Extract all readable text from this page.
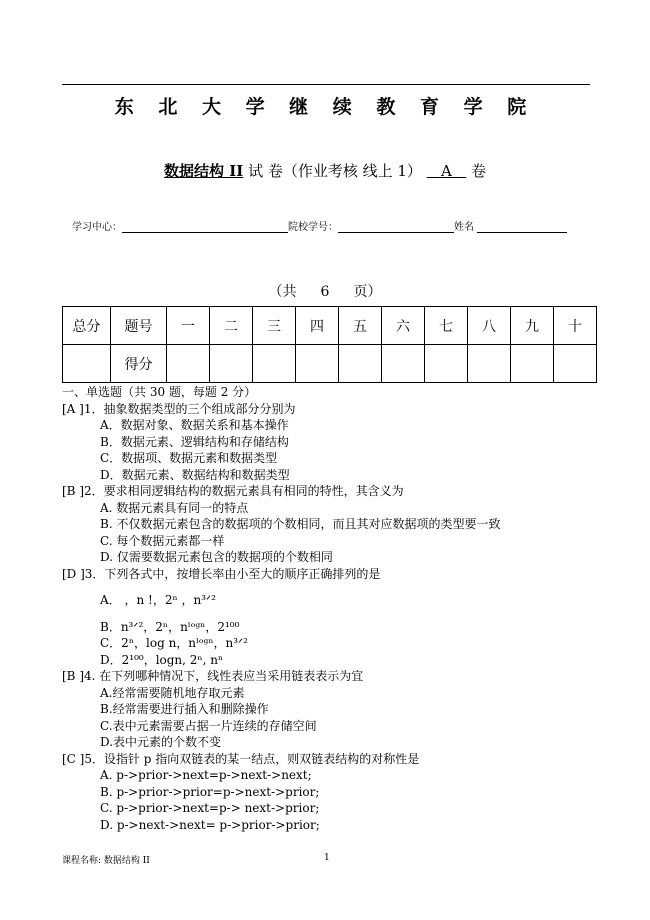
东 北 大 学 继 续 教 育 学 院
数据结构 II 试 卷（作业考核 线上 1） A 卷
学习中心：	院校学号：	姓名
（共 6 页）
总分	题号	一	二	三	四	五	六	七	八	九	十
	得分										
一、单选题（共 30 题，每题 2 分）
[A ]1．抽象数据类型的三个组成部分分别为
A．数据对象、数据关系和基本操作
B．数据元素、逻辑结构和存储结构
C．数据项、数据元素和数据类型
D．数据元素、数据结构和数据类型
[B ]2．要求相同逻辑结构的数据元素具有相同的特性，其含义为
A. 数据元素具有同一的特点
B. 不仅数据元素包含的数据项的个数相同，而且其对应数据项的类型要一致
C. 每个数据元素都一样
D. 仅需要数据元素包含的数据项的个数相同
[D ]3．下列各式中，按增长率由小至大的顺序正确排列的是
A． ，n !，2ⁿ ，n³ᐟ²
B．n³ᐟ²，2ⁿ，nˡᵒᵍⁿ，2¹⁰⁰
C．2ⁿ，log n，nˡᵒᵍⁿ，n³ᐟ²
D．2¹⁰⁰，logn, 2ⁿ, nⁿ
[B ]4. 在下列哪种情况下，线性表应当采用链表表示为宜
A.经常需要随机地存取元素
B.经常需要进行插入和删除操作
C.表中元素需要占据一片连续的存储空间
D.表中元素的个数不变
[C ]5．设指针 p 指向双链表的某一结点，则双链表结构的对称性是
A. p->prior->next=p->next->next;
B. p->prior->prior=p->next->prior;
C. p->prior->next=p-> next->prior;
D. p->next->next= p->prior->prior;
课程名称: 数据结构 II	1
